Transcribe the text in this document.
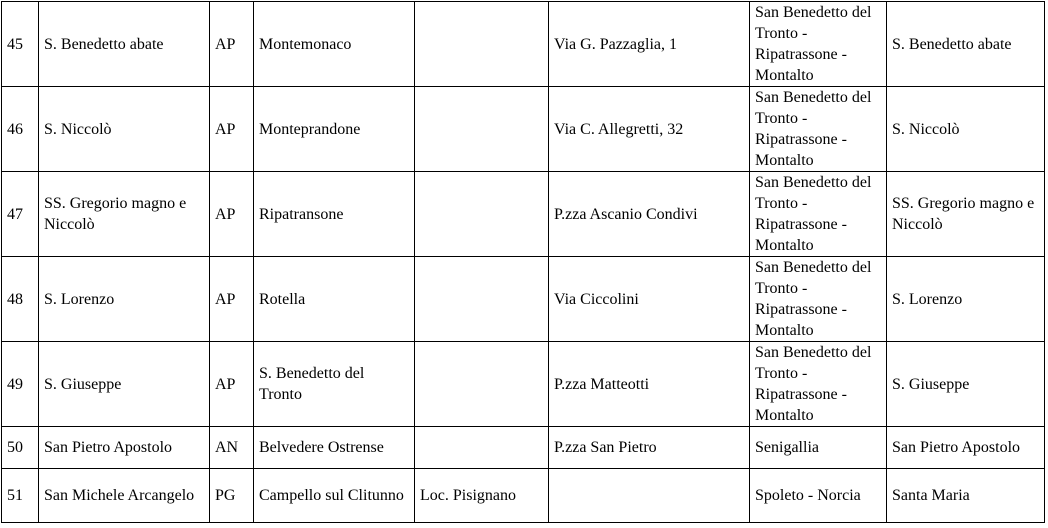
45	S. Benedetto abate	AP	Montemonaco		Via G. Pazzaglia, 1	San Benedetto del Tronto - Ripatrassone - Montalto	S. Benedetto abate
46	S. Niccolò	AP	Monteprandone		Via C. Allegretti, 32	San Benedetto del Tronto - Ripatrassone - Montalto	S. Niccolò
47	SS. Gregorio magno e Niccolò	AP	Ripatransone		P.zza Ascanio Condivi	San Benedetto del Tronto - Ripatrassone - Montalto	SS. Gregorio magno e Niccolò
48	S. Lorenzo	AP	Rotella		Via Ciccolini	San Benedetto del Tronto - Ripatrassone - Montalto	S. Lorenzo
49	S. Giuseppe	AP	S. Benedetto del Tronto		P.zza Matteotti	San Benedetto del Tronto - Ripatrassone - Montalto	S. Giuseppe
50	San Pietro Apostolo	AN	Belvedere Ostrense		P.zza San Pietro	Senigallia	San Pietro Apostolo
51	San Michele Arcangelo	PG	Campello sul Clitunno	Loc. Pisignano		Spoleto - Norcia	Santa Maria
